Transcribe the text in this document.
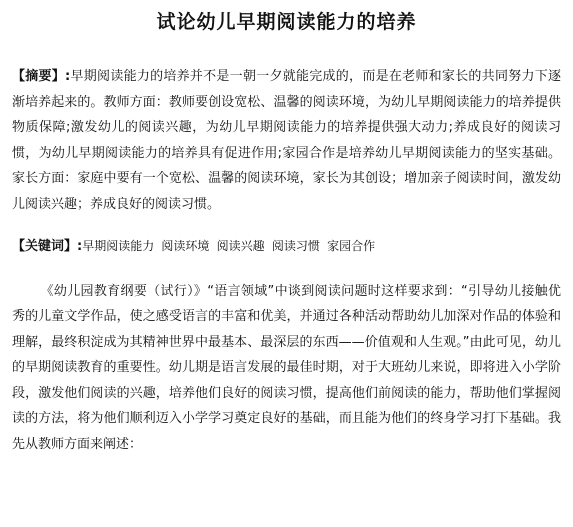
试论幼儿早期阅读能力的培养

【摘要】:早期阅读能力的培养并不是一朝一夕就能完成的，而是在老师和家长的共同努力下逐渐培养起来的。教师方面：教师要创设宽松、温馨的阅读环境，为幼儿早期阅读能力的培养提供物质保障;激发幼儿的阅读兴趣，为幼儿早期阅读能力的培养提供强大动力;养成良好的阅读习惯，为幼儿早期阅读能力的培养具有促进作用;家园合作是培养幼儿早期阅读能力的坚实基础。家长方面：家庭中要有一个宽松、温馨的阅读环境，家长为其创设；增加亲子阅读时间，激发幼儿阅读兴趣；养成良好的阅读习惯。

【关键词】:早期阅读能力 阅读环境 阅读兴趣 阅读习惯 家园合作

《幼儿园教育纲要（试行）》“语言领域”中谈到阅读问题时这样要求到：“引导幼儿接触优秀的儿童文学作品，使之感受语言的丰富和优美，并通过各种活动帮助幼儿加深对作品的体验和理解，最终积淀成为其精神世界中最基本、最深层的东西——价值观和人生观。”由此可见，幼儿的早期阅读教育的重要性。幼儿期是语言发展的最佳时期，对于大班幼儿来说，即将进入小学阶段，激发他们阅读的兴趣，培养他们良好的阅读习惯，提高他们前阅读的能力，帮助他们掌握阅读的方法，将为他们顺利迈入小学学习奠定良好的基础，而且能为他们的终身学习打下基础。我先从教师方面来阐述：
